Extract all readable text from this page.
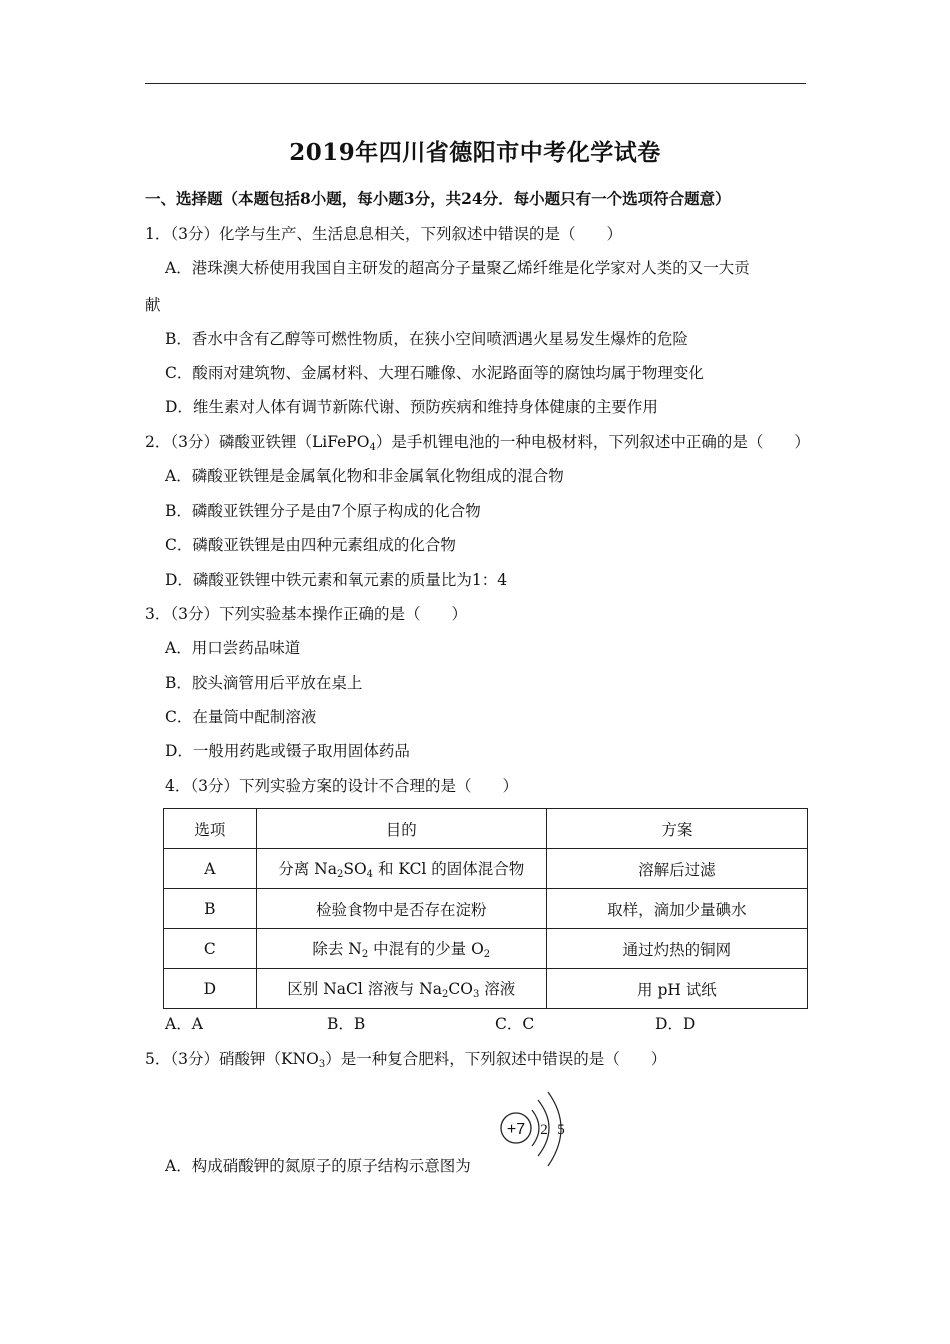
2019年四川省德阳市中考化学试卷
一、选择题（本题包括8小题，每小题3分，共24分．每小题只有一个选项符合题意）
1．（3分）化学与生产、生活息息相关，下列叙述中错误的是（　　）
A．港珠澳大桥使用我国自主研发的超高分子量聚乙烯纤维是化学家对人类的又一大贡
献
B．香水中含有乙醇等可燃性物质，在狭小空间喷洒遇火星易发生爆炸的危险
C．酸雨对建筑物、金属材料、大理石雕像、水泥路面等的腐蚀均属于物理变化
D．维生素对人体有调节新陈代谢、预防疾病和维持身体健康的主要作用
2．（3分）磷酸亚铁锂（LiFePO$_4$）是手机锂电池的一种电极材料，下列叙述中正确的是（　　）
A．磷酸亚铁锂是金属氧化物和非金属氧化物组成的混合物
B．磷酸亚铁锂分子是由7个原子构成的化合物
C．磷酸亚铁锂是由四种元素组成的化合物
D．磷酸亚铁锂中铁元素和氧元素的质量比为1：4
3．（3分）下列实验基本操作正确的是（　　）
A．用口尝药品味道
B．胶头滴管用后平放在桌上
C．在量筒中配制溶液
D．一般用药匙或镊子取用固体药品
4．（3分）下列实验方案的设计不合理的是（　　）
选项	目的	方案
A	分离 $Na_2SO_4$ 和 KCl 的固体混合物	溶解后过滤
B	检验食物中是否存在淀粉	取样，滴加少量碘水
C	除去 $N_2$ 中混有的少量 $O_2$	通过灼热的铜网
D	区别 NaCl 溶液与 $Na_2CO_3$ 溶液	用 pH 试纸
A．A	B．B	C．C	D．D
5．（3分）硝酸钾$(KNO_3)$是一种复合肥料，下列叙述中错误的是（　　）
+7 2 5
A．构成硝酸钾的氮原子的原子结构示意图为
